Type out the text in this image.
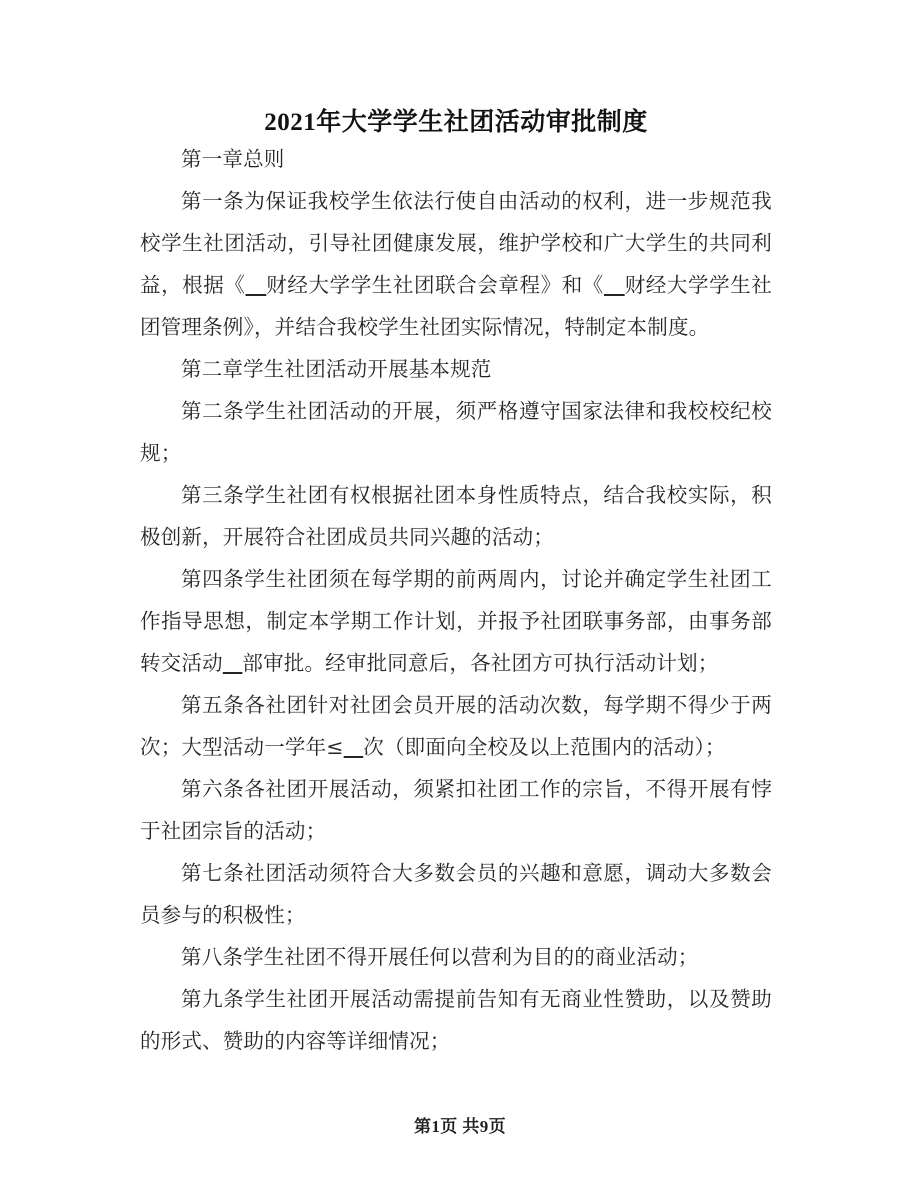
2021年大学学生社团活动审批制度

第一章总则

第一条为保证我校学生依法行使自由活动的权利，进一步规范我校学生社团活动，引导社团健康发展，维护学校和广大学生的共同利益，根据《 财经大学学生社团联合会章程》和《 财经大学学生社团管理条例》，并结合我校学生社团实际情况，特制定本制度。

第二章学生社团活动开展基本规范

第二条学生社团活动的开展，须严格遵守国家法律和我校校纪校规；

第三条学生社团有权根据社团本身性质特点，结合我校实际，积极创新，开展符合社团成员共同兴趣的活动；

第四条学生社团须在每学期的前两周内，讨论并确定学生社团工作指导思想，制定本学期工作计划，并报予社团联事务部，由事务部转交活动 部审批。经审批同意后，各社团方可执行活动计划；

第五条各社团针对社团会员开展的活动次数，每学期不得少于两次；大型活动一学年≤ 次（即面向全校及以上范围内的活动）；

第六条各社团开展活动，须紧扣社团工作的宗旨，不得开展有悖于社团宗旨的活动；

第七条社团活动须符合大多数会员的兴趣和意愿，调动大多数会员参与的积极性；

第八条学生社团不得开展任何以营利为目的的商业活动；

第九条学生社团开展活动需提前告知有无商业性赞助，以及赞助的形式、赞助的内容等详细情况；

第1页 共9页
